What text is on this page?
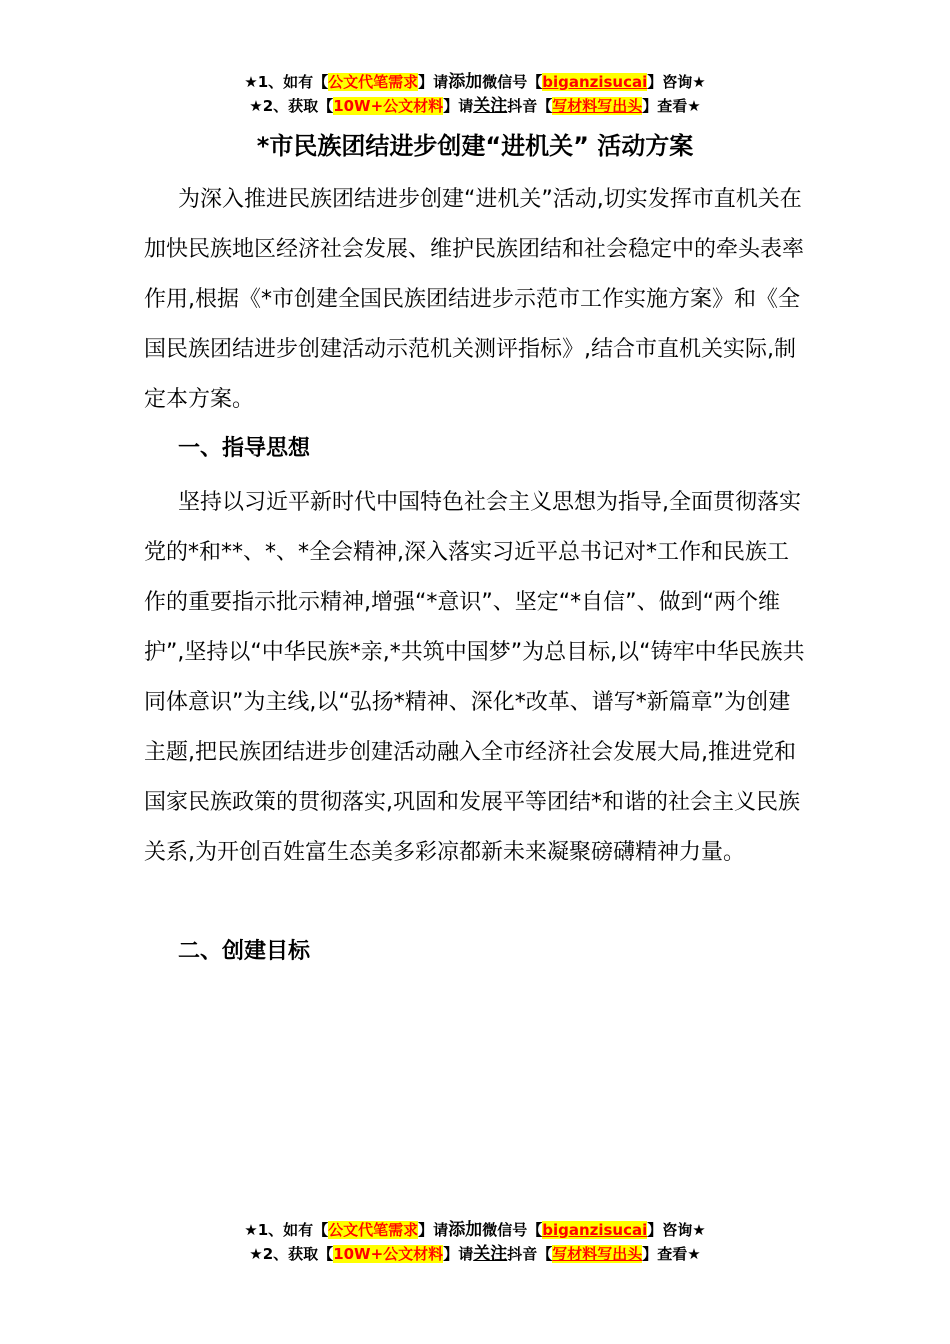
★1、如有【公文代笔需求】请添加微信号【biganzisucai】咨询★
★2、获取【10W+公文材料】请关注抖音【写材料写出头】查看★
*市民族团结进步创建“进机关” 活动方案

为深入推进民族团结进步创建“进机关”活动,切实发挥市直机关在加快民族地区经济社会发展、维护民族团结和社会稳定中的牵头表率作用,根据《*市创建全国民族团结进步示范市工作实施方案》和《全国民族团结进步创建活动示范机关测评指标》,结合市直机关实际,制定本方案。

一、指导思想

坚持以习近平新时代中国特色社会主义思想为指导,全面贯彻落实党的*和**、*、*全会精神,深入落实习近平总书记对*工作和民族工作的重要指示批示精神,增强“*意识”、坚定“*自信”、做到“两个维护”,坚持以“中华民族*亲,*共筑中国梦”为总目标,以“铸牢中华民族共同体意识”为主线,以“弘扬*精神、深化*改革、谱写*新篇章”为创建主题,把民族团结进步创建活动融入全市经济社会发展大局,推进党和国家民族政策的贯彻落实,巩固和发展平等团结*和谐的社会主义民族关系,为开创百姓富生态美多彩凉都新未来凝聚磅礴精神力量。

二、创建目标
★1、如有【公文代笔需求】请添加微信号【biganzisucai】咨询★
★2、获取【10W+公文材料】请关注抖音【写材料写出头】查看★
